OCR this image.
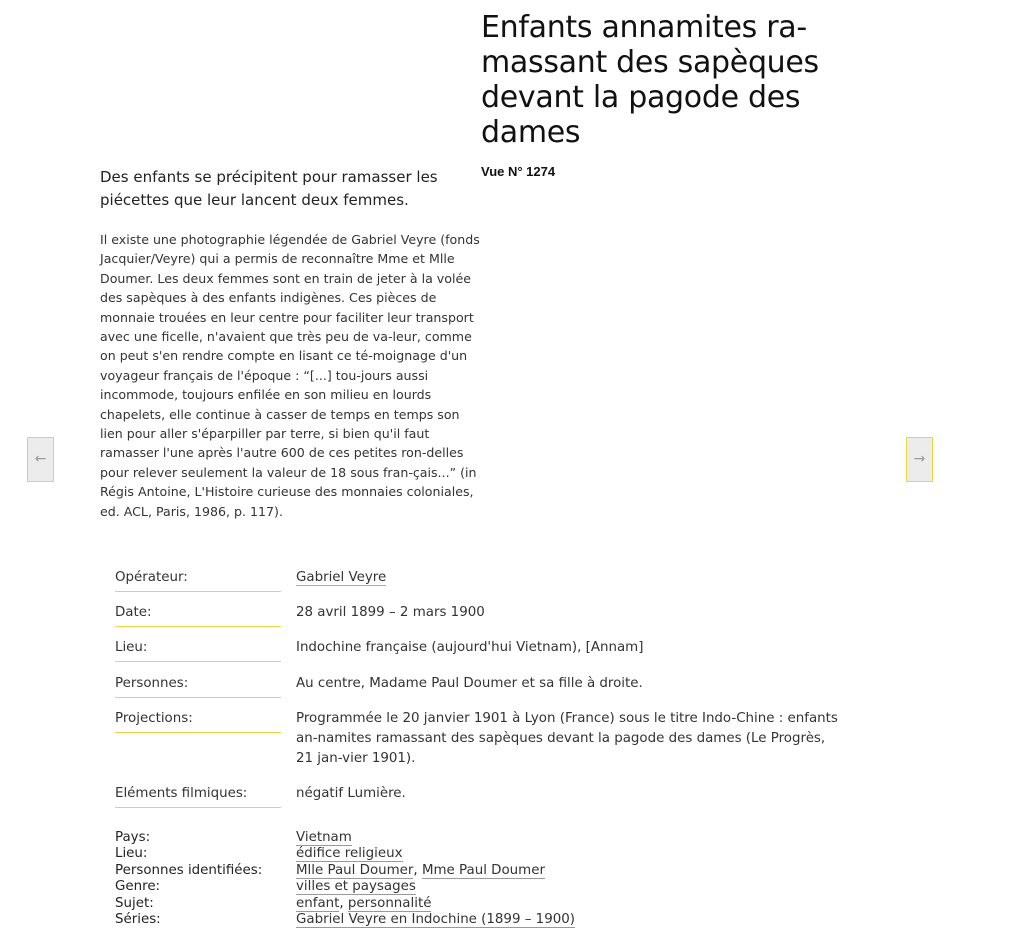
Enfants annamites ra-massant des sapèques devant la pagode des dames

Vue N° 1274

Des enfants se précipitent pour ramasser les piécettes que leur lancent deux femmes.

Il existe une photographie légendée de Gabriel Veyre (fonds Jacquier/Veyre) qui a permis de reconnaître Mme et Mlle Doumer. Les deux femmes sont en train de jeter à la volée des sapèques à des enfants indigènes. Ces pièces de monnaie trouées en leur centre pour faciliter leur transport avec une ficelle, n'avaient que très peu de va-leur, comme on peut s'en rendre compte en lisant ce té-moignage d'un voyageur français de l'époque : “[...] tou-jours aussi incommode, toujours enfilée en son milieu en lourds chapelets, elle continue à casser de temps en temps son lien pour aller s'éparpiller par terre, si bien qu'il faut ramasser l'une après l'autre 600 de ces petites ron-delles pour relever seulement la valeur de 18 sous fran-çais...” (in Régis Antoine, L'Histoire curieuse des monnaies coloniales, ed. ACL, Paris, 1986, p. 117).

←	→
Opérateur:	Gabriel Veyre
Date:	28 avril 1899 – 2 mars 1900
Lieu:	Indochine française (aujourd'hui Vietnam), [Annam]
Personnes:	Au centre, Madame Paul Doumer et sa fille à droite.
Projections:	Programmée le 20 janvier 1901 à Lyon (France) sous le titre Indo-Chine : enfants an-namites ramassant des sapèques devant la pagode des dames (Le Progrès, 21 jan-vier 1901).
Eléments filmiques:	négatif Lumière.
Pays:	Vietnam
Lieu:	édifice religieux
Personnes identifiées:	Mlle Paul Doumer, Mme Paul Doumer
Genre:	villes et paysages
Sujet:	enfant, personnalité
Séries:	Gabriel Veyre en Indochine (1899 – 1900)
